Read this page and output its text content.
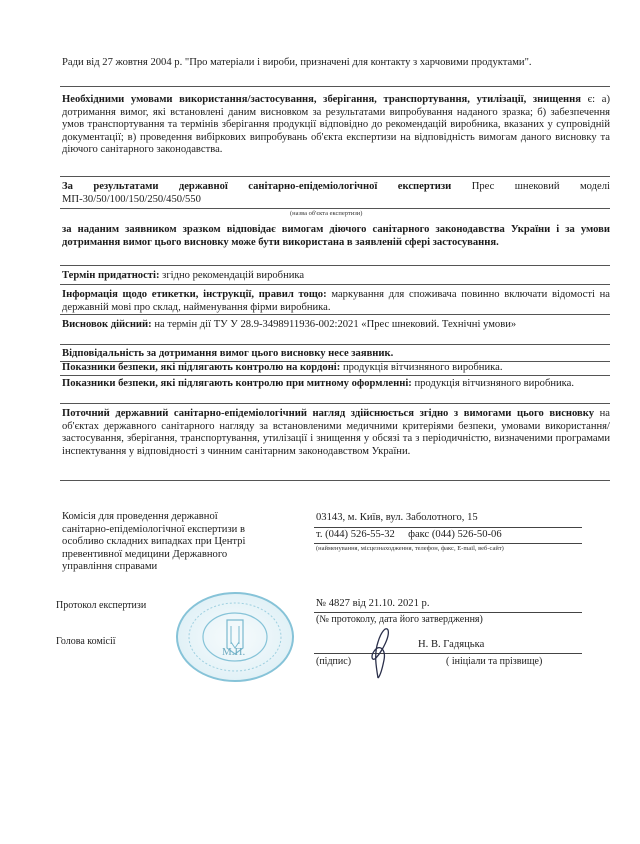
Ради від 27 жовтня 2004 р. "Про матеріали і вироби, призначені для контакту з харчовими продуктами".
Необхідними умовами використання/застосування, зберігання, транспортування, утилізації, знищення є: а) дотримання вимог, які встановлені даним висновком за результатами випробування наданого зразка; б) забезпечення умов транспортування та термінів зберігання продукції відповідно до рекомендацій виробника, вказаних у супровідній документації; в) проведення вибіркових випробувань об'єкта експертизи на відповідність вимогам даного висновку та діючого санітарного законодавства.
За результатами державної санітарно-епідеміологічної експертизи Прес шнековий моделі МП-30/50/100/150/250/450/550
(назва об'єкта експертизи)
за наданим заявником зразком відповідає вимогам діючого санітарного законодавства України і за умови дотримання вимог цього висновку може бути використана в заявленій сфері застосування.
Термін придатності: згідно рекомендацій виробника
Інформація щодо етикетки, інструкції, правил тощо: маркування для споживача повинно включати відомості на державній мові про склад, найменування фірми виробника.
Висновок дійсний: на термін дії ТУ У 28.9-3498911936-002:2021 «Прес шнековий. Технічні умови»
Відповідальність за дотримання вимог цього висновку несе заявник.
Показники безпеки, які підлягають контролю на кордоні: продукція вітчизняного виробника.
Показники безпеки, які підлягають контролю при митному оформленні: продукція вітчизняного виробника.
Поточний державний санітарно-епідеміологічний нагляд здійснюється згідно з вимогами цього висновку на об'єктах державного санітарного нагляду за встановленими медичними критеріями безпеки, умовами використання/застосування, зберігання, транспортування, утилізації і знищення у обсязі та з періодичністю, визначеними програмами інспектування у відповідності з чинним санітарним законодавством України.
Комісія для проведення державної
санітарно-епідеміологічної експертизи в
особливо складних випадках при Центрі
превентивної медицини Державного
управління справами
03143, м. Київ, вул. Заболотного, 15
т. (044) 526-55-32     факс (044) 526-50-06
(найменування, місцезнаходження, телефон, факс, E-mail, веб-сайт)
Протокол експертизи	№ 4827 від 21.10. 2021 р.
(№ протоколу, дата його затвердження)
Голова комісії	Н. В. Гадяцька
(підпис)	( ініціали та прізвище)
М.П.
